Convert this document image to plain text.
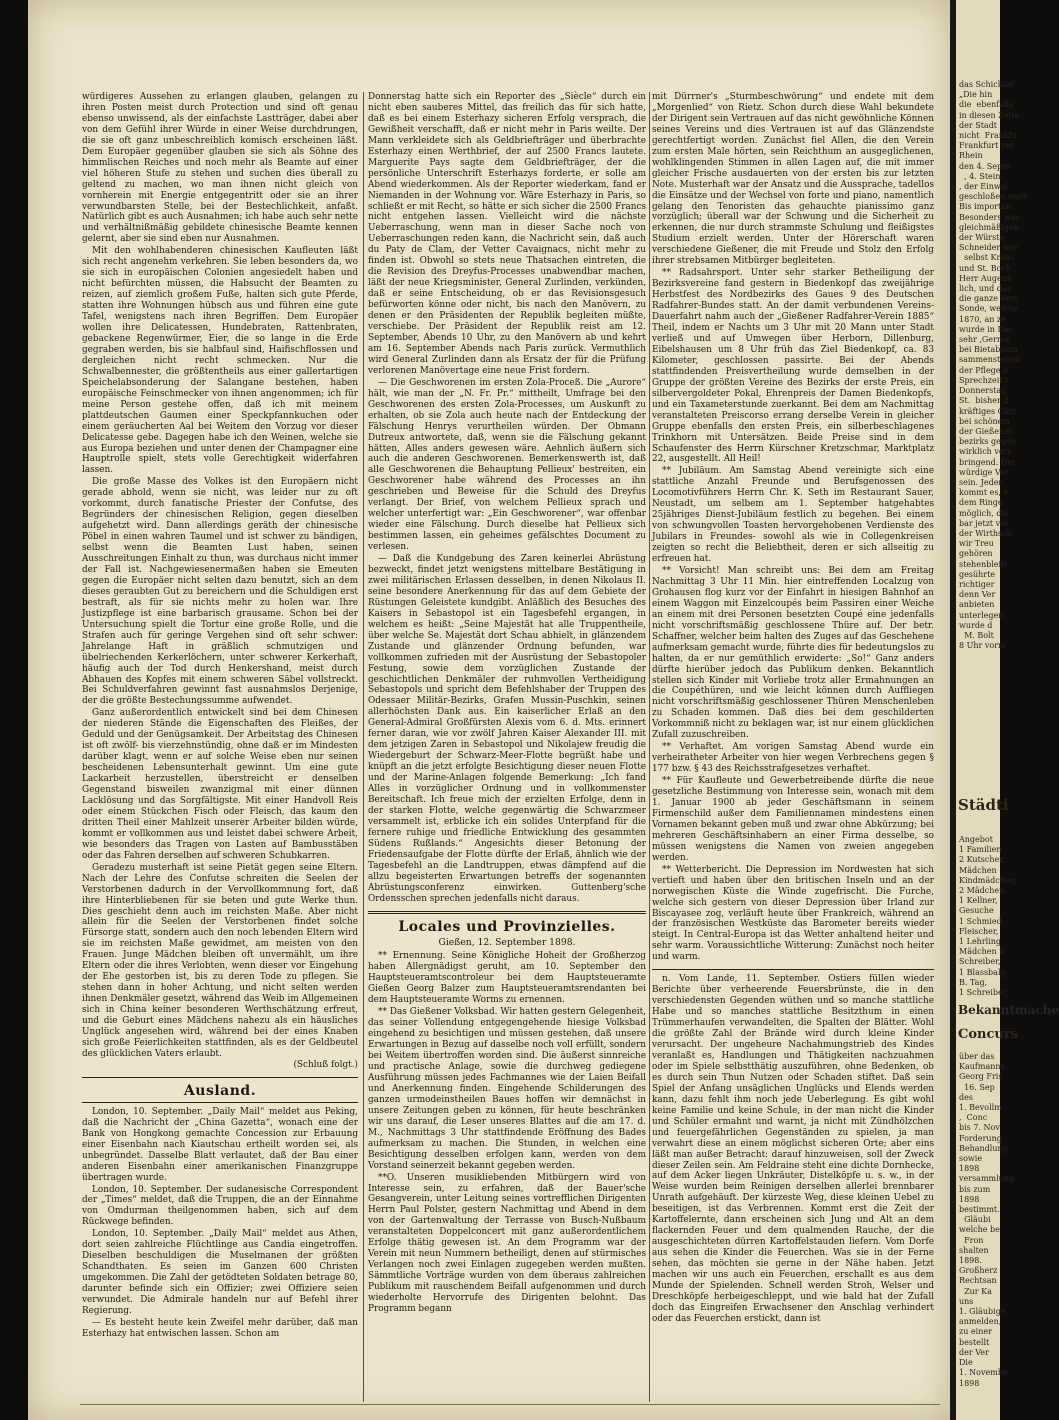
würdigeres Aussehen zu erlangen glauben, gelangen zu ihren Posten meist durch Protection und sind oft genau ebenso unwissend, als der einfachste Lastträger, dabei aber von dem Gefühl ihrer Würde in einer Weise durchdrungen, die sie oft ganz unbeschreiblich komisch erscheinen läßt. Dem Europäer gegenüber glauben sie sich als Söhne des himmlischen Reiches und noch mehr als Beamte auf einer viel höheren Stufe zu stehen und suchen dies überall zu geltend zu machen, wo man ihnen nicht gleich von vornherein mit Energie entgegentritt oder sie an ihrer verwundbarsten Stelle, bei der Bestechlichkeit, anfaßt. Natürlich gibt es auch Ausnahmen; ich habe auch sehr nette und verhältnißmäßig gebildete chinesische Beamte kennen gelernt, aber sie sind eben nur Ausnahmen.

Mit den wohlhabenderen chinesischen Kaufleuten läßt sich recht angenehm verkehren. Sie leben besonders da, wo sie sich in europäischen Colonien angesiedelt haben und nicht befürchten müssen, die Habsucht der Beamten zu reizen, auf ziemlich großem Fuße, halten sich gute Pferde, statten ihre Wohnungen hübsch aus und führen eine gute Tafel, wenigstens nach ihren Begriffen. Dem Europäer wollen ihre Delicatessen, Hundebraten, Rattenbraten, gebackene Regenwürmer, Eier, die so lange in die Erde gegraben werden, bis sie halbfaul sind, Haifischflossen und dergleichen nicht recht schmecken. Nur die Schwalbennester, die größtentheils aus einer gallertartigen Speichelabsonderung der Salangane bestehen, haben europäische Feinschmecker von ihnen angenommen; ich für meine Person gestehe offen, daß ich mit meinem plattdeutschen Gaumen einer Speckpfannkuchen oder einem geräucherten Aal bei Weitem den Vorzug vor dieser Delicatesse gebe. Dagegen habe ich den Weinen, welche sie aus Europa beziehen und unter denen der Champagner eine Hauptrolle spielt, stets volle Gerechtigkeit widerfahren lassen.

Die große Masse des Volkes ist den Europäern nicht gerade abhold, wenn sie nicht, was leider nur zu oft vorkommt, durch fanatische Priester der Confutse, des Begründers der chinesischen Religion, gegen dieselben aufgehetzt wird. Dann allerdings geräth der chinesische Pöbel in einen wahren Taumel und ist schwer zu bändigen, selbst wenn die Beamten Lust haben, seinen Ausschreitungen Einhalt zu thun, was durchaus nicht immer der Fall ist. Nachgewiesenermaßen haben sie Emeuten gegen die Europäer nicht selten dazu benutzt, sich an dem dieses geraubten Gut zu bereichern und die Schuldigen erst bestraft, als für sie nichts mehr zu holen war. Ihre Justizpflege ist eine barbarisch grausame. Schon bei der Untersuchung spielt die Tortur eine große Rolle, und die Strafen auch für geringe Vergehen sind oft sehr schwer: Jahrelange Haft in gräßlich schmutzigen und übelriechenden Kerkerlöchern, unter schwerer Kerkerhaft, häufig auch der Tod durch Henkershand, meist durch Abhauen des Kopfes mit einem schweren Säbel vollstreckt. Bei Schuldverfahren gewinnt fast ausnahmslos Derjenige, der die größte Bestechungssumme aufwendet.

Ganz außerordentlich entwickelt sind bei dem Chinesen der niederen Stände die Eigenschaften des Fleißes, der Geduld und der Genügsamkeit. Der Arbeitstag des Chinesen ist oft zwölf- bis vierzehnstündig, ohne daß er im Mindesten darüber klagt, wenn er auf solche Weise eben nur seinen bescheidenen Lebensunterhalt gewinnt. Um eine gute Lackarbeit herzustellen, überstreicht er denselben Gegenstand bisweilen zwanzigmal mit einer dünnen Lacklösung und das Sorgfältigste. Mit einer Handvoll Reis oder einem Stückchen Fisch oder Fleisch, das kaum den dritten Theil einer Mahlzeit unserer Arbeiter bilden würde, kommt er vollkommen aus und leistet dabei schwere Arbeit, wie besonders das Tragen von Lasten auf Bambusstäben oder das Fahren derselben auf schweren Schubkarren.

Geradezu musterhaft ist seine Pietät gegen seine Eltern. Nach der Lehre des Confutse schreiten die Seelen der Verstorbenen dadurch in der Vervollkommnung fort, daß ihre Hinterbliebenen für sie beten und gute Werke thun. Dies geschieht denn auch im reichsten Maße. Aber nicht allein für die Seelen der Verstorbenen findet solche Fürsorge statt, sondern auch den noch lebenden Eltern wird sie im reichsten Maße gewidmet, am meisten von den Frauen. Junge Mädchen bleiben oft unvermählt, um ihre Eltern oder die ihres Verlobten, wenn dieser vor Eingehung der Ehe gestorben ist, bis zu deren Tode zu pflegen. Sie stehen dann in hoher Achtung, und nicht selten werden ihnen Denkmäler gesetzt, während das Weib im Allgemeinen sich in China keiner besonderen Werthschätzung erfreut, und die Geburt eines Mädchens nahezu als ein häusliches Unglück angesehen wird, während bei der eines Knaben sich große Feierlichkeiten stattfinden, als es der Geldbeutel des glücklichen Vaters erlaubt.

(Schluß folgt.)
Ausland.

London, 10. September. „Daily Mail“ meldet aus Peking, daß die Nachricht der „China Gazetta“, wonach eine der Bank von Hongkong gemachte Concession zur Erbauung einer Eisenbahn nach Kiautschau ertheilt worden sei, als unbegründet. Dasselbe Blatt verlautet, daß der Bau einer anderen Eisenbahn einer amerikanischen Finanzgruppe übertragen wurde.

London, 10. September. Der sudanesische Correspondent der „Times“ meldet, daß die Truppen, die an der Einnahme von Omdurman theilgenommen haben, sich auf dem Rückwege befinden.

London, 10. September. „Daily Mail“ meldet aus Athen, dort seien zahlreiche Flüchtlinge aus Candia eingetroffen. Dieselben beschuldigen die Muselmanen der größten Schandthaten. Es seien im Ganzen 600 Christen umgekommen. Die Zahl der getödteten Soldaten betrage 80, darunter befinde sich ein Offizier; zwei Offiziere seien verwundet. Die Admirale handeln nur auf Befehl ihrer Regierung.

— Es besteht heute kein Zweifel mehr darüber, daß man Esterhazy hat entwischen lassen. Schon am

Donnerstag hatte sich ein Reporter des „Siècle“ durch ein nicht eben sauberes Mittel, das freilich das für sich hatte, daß es bei einem Esterhazy sicheren Erfolg versprach, die Gewißheit verschafft, daß er nicht mehr in Paris weilte. Der Mann verkleidete sich als Geldbriefträger und überbrachte Esterhazy einen Werthbrief, der auf 2500 Francs lautete. Marguerite Pays sagte dem Geldbriefträger, der die persönliche Unterschrift Esterhazys forderte, er solle am Abend wiederkommen. Als der Reporter wiederkam, fand er Niemanden in der Wohnung vor. Wäre Esterhazy in Paris, so schließt er mit Recht, so hätte er sich sicher die 2500 Francs nicht entgehen lassen. Vielleicht wird die nächste Ueberraschung, wenn man in dieser Sache noch von Ueberraschungen reden kann, die Nachricht sein, daß auch du Paty de Clam, der Vetter Cavaignacs, nicht mehr zu finden ist. Obwohl so stets neue Thatsachen eintreten, die die Revision des Dreyfus-Processes unabwendbar machen, läßt der neue Kriegsminister, General Zurlinden, verkünden, daß er seine Entscheidung, ob er das Revisionsgesuch befürworten könne oder nicht, bis nach den Manövern, zu denen er den Präsidenten der Republik begleiten müßte, verschiebe. Der Präsident der Republik reist am 12. September, Abends 10 Uhr, zu den Manövern ab und kehrt am 16. September Abends nach Paris zurück. Vermuthlich wird General Zurlinden dann als Ersatz der für die Prüfung verlorenen Manövertage eine neue Frist fordern.

— Die Geschworenen im ersten Zola-Proceß. Die „Aurore“ hält, wie man der „N. Fr. Pr.“ mittheilt, Umfrage bei den Geschworenen des ersten Zola-Processes, um Auskunft zu erhalten, ob sie Zola auch heute nach der Entdeckung der Fälschung Henrys verurtheilen würden. Der Obmann Dutreux antwortete, daß, wenn sie die Fälschung gekannt hätten, Alles anders gewesen wäre. Aehnlich äußern sich auch die anderen Geschworenen. Bemerkenswerth ist, daß alle Geschworenen die Behauptung Pellieux' bestreiten, ein Geschworener habe während des Processes an ihn geschrieben und Beweise für die Schuld des Dreyfus verlangt. Der Brief, von welchem Pellieux sprach und welcher unterfertigt war: „Ein Geschworener“, war offenbar wieder eine Fälschung. Durch dieselbe hat Pellieux sich bestimmen lassen, ein geheimes gefälschtes Document zu verlesen.

— Daß die Kundgebung des Zaren keinerlei Abrüstung bezweckt, findet jetzt wenigstens mittelbare Bestätigung in zwei militärischen Erlassen desselben, in denen Nikolaus II. seine besondere Anerkennung für das auf dem Gebiete der Rüstungen Geleistete kundgibt. Anläßlich des Besuches des Kaisers in Sebastopol ist ein Tagesbefehl ergangen, in welchem es heißt: „Seine Majestät hat alle Truppentheile, über welche Se. Majestät dort Schau abhielt, in glänzendem Zustande und glänzender Ordnung befunden, war vollkommen zufrieden mit der Ausrüstung der Sebastopoler Festung, sowie dem vorzüglichen Zustande der geschichtlichen Denkmäler der ruhmvollen Vertheidigung Sebastopols und spricht dem Befehlshaber der Truppen des Odessaer Militär-Bezirks, Grafen Mussin-Puschkin, seinen allerhöchsten Dank aus. Ein kaiserlicher Erlaß an den General-Admiral Großfürsten Alexis vom 6. d. Mts. erinnert ferner daran, wie vor zwölf Jahren Kaiser Alexander III. mit dem jetzigen Zaren in Sebastopol und Nikolajew freudig die Wiedergeburt der Schwarz-Meer-Flotte begrüßt habe und knüpft an die jetzt erfolgte Besichtigung dieser neuen Flotte und der Marine-Anlagen folgende Bemerkung: „Ich fand Alles in vorzüglicher Ordnung und in vollkommenster Bereitschaft. Ich freue mich der erzielten Erfolge, denn in der starken Flotte, welche gegenwärtig die Schwarzmeer versammelt ist, erblicke ich ein solides Unterpfand für die fernere ruhige und friedliche Entwicklung des gesammten Südens Rußlands.“ Angesichts dieser Betonung der Friedensaufgabe der Flotte dürfte der Erlaß, ähnlich wie der Tagesbefehl an die Landtruppen, etwas dämpfend auf die allzu begeisterten Erwartungen betreffs der sogenannten Abrüstungsconferenz einwirken. Guttenberg'sche Ordensschen sprechen jedenfalls nicht daraus.

Locales und Provinzielles.
Gießen, 12. September 1898.

** Ernennung. Seine Königliche Hoheit der Großherzog haben Allergnädigst geruht, am 10. September den Hauptsteueramtscontroleur bei dem Hauptsteueramte Gießen Georg Balzer zum Hauptsteueramtsrendanten bei dem Hauptsteueramte Worms zu ernennen.

** Das Gießener Volksbad. Wir hatten gestern Gelegenheit, das seiner Vollendung entgegengehende hiesige Volksbad eingehend zu besichtigen und müssen gestehen, daß unsere Erwartungen in Bezug auf dasselbe noch voll erfüllt, sondern bei Weitem übertroffen worden sind. Die äußerst sinnreiche und practische Anlage, sowie die durchweg gediegene Ausführung müssen jedes Fachmannes wie der Laien Beifall und Anerkennung finden. Eingehende Schilderungen des ganzen urmodeinstheilen Baues hoffen wir demnächst in unsere Zeitungen geben zu können, für heute beschränken wir uns darauf, die Leser unseres Blattes auf die am 17. d. M., Nachmittags 3 Uhr stattfindende Eröffnung des Bades aufmerksam zu machen. Die Stunden, in welchen eine Besichtigung desselben erfolgen kann, werden von dem Vorstand seinerzeit bekannt gegeben werden.

**O. Unseren musikliebenden Mitbürgern wird von Interesse sein, zu erfahren, daß der Bauer'sche Gesangverein, unter Leitung seines vortrefflichen Dirigenten Herrn Paul Polster, gestern Nachmittag und Abend in dem von der Gartenwaltung der Terrasse von Busch-Nußbaum veranstalteten Doppelconcert mit ganz außerordentlichem Erfolge thätig gewesen ist. An dem Programm war der Verein mit neun Nummern betheiligt, denen auf stürmisches Verlangen noch zwei Einlagen zugegeben werden mußten. Sämmtliche Vorträge wurden von dem überaus zahlreichen Publikum mit rauschendem Beifall aufgenommen und durch wiederholte Hervorrufe des Dirigenten belohnt. Das Programm begann

mit Dürrner's „Sturmbeschwörung“ und endete mit dem „Morgenlied“ von Rietz. Schon durch diese Wahl bekundete der Dirigent sein Vertrauen auf das nicht gewöhnliche Können seines Vereins und dies Vertrauen ist auf das Glänzendste gerechtfertigt worden. Zunächst fiel Allen, die den Verein zum ersten Male hörten, sein Reichthum an ausgeglichenen, wohlklingenden Stimmen in allen Lagen auf, die mit immer gleicher Frische ausdauerten von der ersten bis zur letzten Note. Musterhaft war der Ansatz und die Aussprache, tadellos die Einsätze und der Wechsel von forte und piano, namentlich gelang den Tenoristen das gehauchte pianissimo ganz vorzüglich; überall war der Schwung und die Sicherheit zu erkennen, die nur durch strammste Schulung und fleißigstes Studium erzielt werden. Unter der Hörerschaft waren verschiedene Gießener, die mit Freude und Stolz den Erfolg ihrer strebsamen Mitbürger begleiteten.

** Radsahrsport. Unter sehr starker Betheiligung der Bezirksvereine fand gestern in Biedenkopf das zweijährige Herbstfest des Nordbezirks des Gaues 9 des Deutschen Radfahrer-Bundes statt. An der damit verbundenen Vereins-Dauerfahrt nahm auch der „Gießener Radfahrer-Verein 1885“ Theil, indem er Nachts um 3 Uhr mit 20 Mann unter Stadt verließ und auf Umwegen über Herborn, Dillenburg, Eibelshausen um 8 Uhr früh das Ziel Biedenkopf, ca. 83 Kilometer, geschlossen passirte. Bei der Abends stattfindenden Preisvertheilung wurde demselben in der Gruppe der größten Vereine des Bezirks der erste Preis, ein silbervergoldeter Pokal, Ehrenpreis der Damen Biedenkopfs, und ein Taxameterstunde zuerkannt. Bei dem am Nachmittag veranstalteten Preiscorso errang derselbe Verein in gleicher Gruppe ebenfalls den ersten Preis, ein silberbeschlagenes Trinkhorn mit Untersätzen. Beide Preise sind in dem Schaufenster des Herrn Kürschner Kretzschmar, Marktplatz 22, ausgestellt. All Heil!

** Jubiläum. Am Samstag Abend vereinigte sich eine stattliche Anzahl Freunde und Berufsgenossen des Locomotivführers Herrn Chr. K. Seth im Restaurant Sauer, Neustadt, um selbem am 1. September hatgehabtes 25jähriges Dienst-Jubiläum festlich zu begehen. Bei einem von schwungvollen Toasten hervorgehobenen Verdienste des Jubilars in Freundes- sowohl als wie in Collegenkreisen zeigten so recht die Beliebtheit, deren er sich allseitig zu erfreuen hat.

** Vorsicht! Man schreibt uns: Bei dem am Freitag Nachmittag 3 Uhr 11 Min. hier eintreffenden Localzug von Grohausen flog kurz vor der Einfahrt in hiesigen Bahnhof an einem Waggon mit Einzelcoupés beim Passiren einer Weiche an einem mit drei Personen besetzten Coupé eine jedenfalls nicht vorschriftsmäßig geschlossene Thüre auf. Der betr. Schaffner, welcher beim halten des Zuges auf das Geschehene aufmerksam gemacht wurde, führte dies für bedeutungslos zu halten, da er nur gemüthlich erwiderte: „So!“ Ganz anders dürfte hierüber jedoch das Publikum denken. Bekanntlich stellen sich Kinder mit Vorliebe trotz aller Ermahnungen an die Coupéthüren, und wie leicht können durch Auffliegen nicht vorschriftsmäßig geschlossener Thüren Menschenleben zu Schaden kommen. Daß dies bei dem geschilderten Vorkommniß nicht zu beklagen war, ist nur einem glücklichen Zufall zuzuschreiben.

** Verhaftet. Am vorigen Samstag Abend wurde ein verheiratheter Arbeiter von hier wegen Verbrechens gegen § 177 bzw. § 43 des Reichsstrafgesetzes verhaftet.

** Für Kaufleute und Gewerbetreibende dürfte die neue gesetzliche Bestimmung von Interesse sein, wonach mit dem 1. Januar 1900 ab jeder Geschäftsmann in seinem Firmenschild außer dem Familiennamen mindestens einen Vornamen bekannt geben muß und zwar ohne Abkürzung; bei mehreren Geschäftsinhabern an einer Firma desselbe, so müssen wenigstens die Namen von zweien angegeben werden.

** Wetterbericht. Die Depression im Nordwesten hat sich vertieft und haben über den britischen Inseln und an der norwegischen Küste die Winde zugefrischt. Die Furche, welche sich gestern von dieser Depression über Irland zur Biscayasee zog, verläuft heute über Frankreich, während an der französischen Westküste das Barometer bereits wieder steigt. In Central-Europa ist das Wetter anhaltend heiter und sehr warm. Voraussichtliche Witterung: Zunächst noch heiter und warm.

n. Vom Lande, 11. September. Ostiers füllen wieder Berichte über verheerende Feuersbrünste, die in den verschiedensten Gegenden wüthen und so manche stattliche Habe und so manches stattliche Besitzthum in einen Trümmerhaufen verwandelten, die Spalten der Blätter. Wohl die größte Zahl der Brände wird durch kleine Kinder verursacht. Der ungeheure Nachahmungstrieb des Kindes veranlaßt es, Handlungen und Thätigkeiten nachzuahmen oder im Spiele selbstthätig auszuführen, ohne Bedenken, ob es durch sein Thun Nutzen oder Schaden stiftet. Daß sein Spiel der Anfang unsäglichen Unglücks und Elends werden kann, dazu fehlt ihm noch jede Ueberlegung. Es gibt wohl keine Familie und keine Schule, in der man nicht die Kinder und Schüler ermahnt und warnt, ja nicht mit Zündhölzchen und feuergefährlichen Gegenständen zu spielen, ja man verwahrt diese an einem möglichst sicheren Orte; aber eins läßt man außer Betracht: darauf hinzuweisen, soll der Zweck dieser Zeilen sein. Am Feldraine steht eine dichte Dornhecke, auf dem Acker liegen Unkräuter, Distelköpfe u. s. w., in der Weise wurden beim Reinigen derselben allerlei brennbarer Unrath aufgehäuft. Der kürzeste Weg, diese kleinen Uebel zu beseitigen, ist das Verbrennen. Kommt erst die Zeit der Kartoffelernte, dann erscheinen sich Jung und Alt an dem flackernden Feuer und dem qualmenden Rauche, der die ausgeschichteten dürren Kartoffelstauden liefern. Vom Dorfe aus sehen die Kinder die Feuerchen. Was sie in der Ferne sehen, das möchten sie gerne in der Nähe haben. Jetzt machen wir uns auch ein Feuerchen, erschallt es aus dem Munde der Spielenden. Schnell werden Stroh, Welser und Dreschköpfe herbeigeschleppt, und wie bald hat der Zufall doch das Eingreifen Erwachsener den Anschlag verhindert oder das Feuerchen erstickt, dann ist

das Schicksal
„Die hin
die  ebenfalls
in diesen Zeite
der Stadt
nicht  Frankfu
Frankfurt ver
Rhein
den 4. Septe
, 4. Stein
, der Einwal
geschloßen ware
Bis importan
Besonders war
gleichmäßigen
der Würste
Schneider wor
selbst Kranz
und St. Boch
Herr Augenh
lich, und das
die ganze Vers
Sonde, welche
1870, an ze
wurde in Die
sehr ‚Germa
bei Bietabaum
sammenstehen
der Pflege o
Sprechzeit i
Donnerstag
St.  bisher d
kräftiges Gibb
bei schönem
der Gießener
bezirks gegen
wirklich vers
bringend. Die
würdige Ver
sein. Jeder
kommt es, v
dem Ringe
möglich, die
bar jetzt ver
der Wirthsch
wir Treu
gehören
stehenbleib
gesührte
richtiger
denn Ver
anbieten
unterlegen
wurde d
M. Bolt
8 Uhr vorm
Städti
Angebot
1 Familien
2 Kutscher,
Mädchen
Kindmädchen,
2 Mädchen,
1 Kellner,
Gesuche
1 Schmied,
Fleischer,
1 Lehrling
Mädchen u
Schreiber,
1 Blassbalg
B. Tag,
1 Schreiber,
Bekanntmache
Concurs
über das
Kaufmanns
Georg Fris
16. Sep
des
1. Bevollm
,  Conc
bis 7. Nov
Forderung
Behandlung
sowie
1898
versammlung
bis zum
1898
bestimmt.
Gläubi
welche be
Fron
shalten
1898.
Großherz
Rechtsan
Zur Ka
uns
1. Gläubige
anmelden,
zu einer
bestellt
der Ver
Die
1. Novembe
1898
